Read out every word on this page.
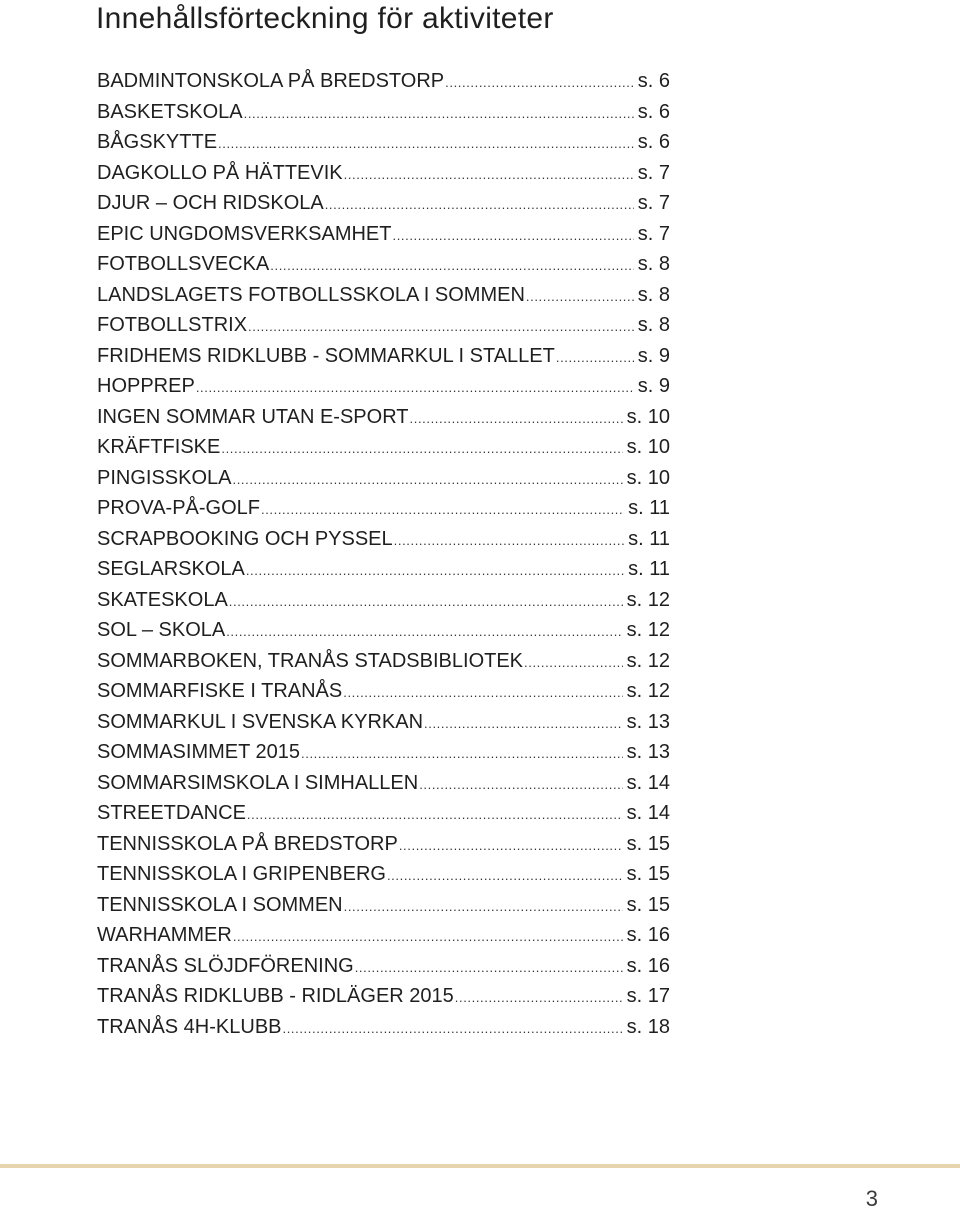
Innehållsförteckning för aktiviteter
BADMINTONSKOLA PÅ BREDSTORP .....	s. 6
BASKETSKOLA .....	s. 6
BÅGSKYTTE .....	s. 6
DAGKOLLO PÅ HÄTTEVIK .....	s. 7
DJUR – OCH RIDSKOLA .....	s. 7
EPIC UNGDOMSVERKSAMHET .....	s. 7
FOTBOLLSVECKA .....	s. 8
LANDSLAGETS FOTBOLLSSKOLA I SOMMEN .....	s. 8
FOTBOLLSTRIX .....	s. 8
FRIDHEMS RIDKLUBB - SOMMARKUL I STALLET .....	s. 9
HOPPREP .....	s. 9
INGEN SOMMAR UTAN E-SPORT .....	s. 10
KRÄFTFISKE .....	s. 10
PINGISSKOLA .....	s. 10
PROVA-PÅ-GOLF .....	s. 11
SCRAPBOOKING OCH PYSSEL .....	s. 11
SEGLARSKOLA .....	s. 11
SKATESKOLA .....	s. 12
SOL – SKOLA .....	s. 12
SOMMARBOKEN, TRANÅS STADSBIBLIOTEK .....	s. 12
SOMMARFISKE I TRANÅS .....	s. 12
SOMMARKUL I SVENSKA KYRKAN .....	s. 13
SOMMASIMMET 2015 .....	s. 13
SOMMARSIMSKOLA I SIMHALLEN .....	s. 14
STREETDANCE .....	s. 14
TENNISSKOLA PÅ BREDSTORP .....	s. 15
TENNISSKOLA I GRIPENBERG .....	s. 15
TENNISSKOLA I SOMMEN .....	s. 15
WARHAMMER .....	s. 16
TRANÅS SLÖJDFÖRENING .....	s. 16
TRANÅS RIDKLUBB - RIDLÄGER 2015 .....	s. 17
TRANÅS 4H-KLUBB .....	s. 18
3
